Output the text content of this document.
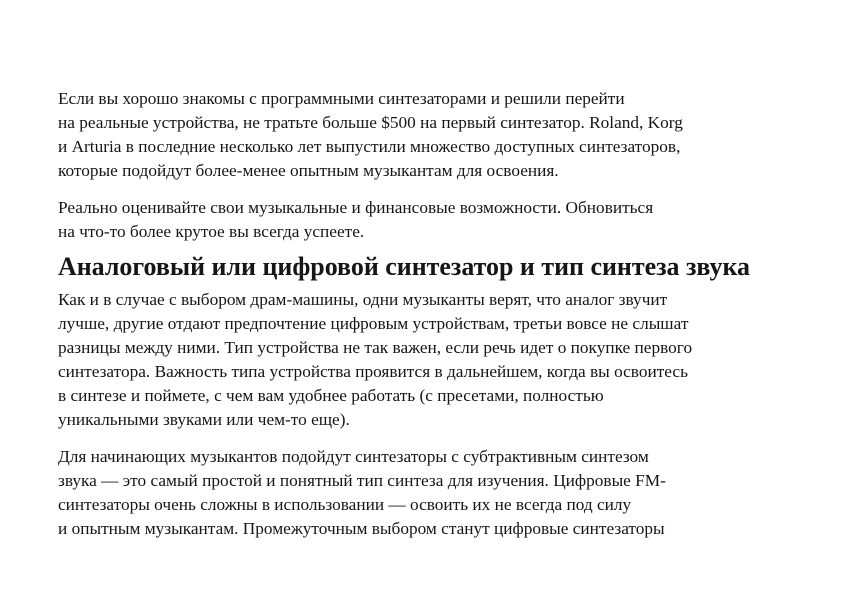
Если вы хорошо знакомы с программными синтезаторами и решили перейти
на реальные устройства, не тратьте больше $500 на первый синтезатор. Roland, Korg
и Arturia в последние несколько лет выпустили множество доступных синтезаторов,
которые подойдут более-менее опытным музыкантам для освоения.

Реально оценивайте свои музыкальные и финансовые возможности. Обновиться
на что-то более крутое вы всегда успеете.

Аналоговый или цифровой синтезатор и тип синтеза звука

Как и в случае с выбором драм-машины, одни музыканты верят, что аналог звучит
лучше, другие отдают предпочтение цифровым устройствам, третьи вовсе не слышат
разницы между ними. Тип устройства не так важен, если речь идет о покупке первого
синтезатора. Важность типа устройства проявится в дальнейшем, когда вы освоитесь
в синтезе и поймете, с чем вам удобнее работать (с пресетами, полностью
уникальными звуками или чем-то еще).

Для начинающих музыкантов подойдут синтезаторы с субтрактивным синтезом
звука — это самый простой и понятный тип синтеза для изучения. Цифровые FM-
синтезаторы очень сложны в использовании — освоить их не всегда под силу
и опытным музыкантам. Промежуточным выбором станут цифровые синтезаторы
